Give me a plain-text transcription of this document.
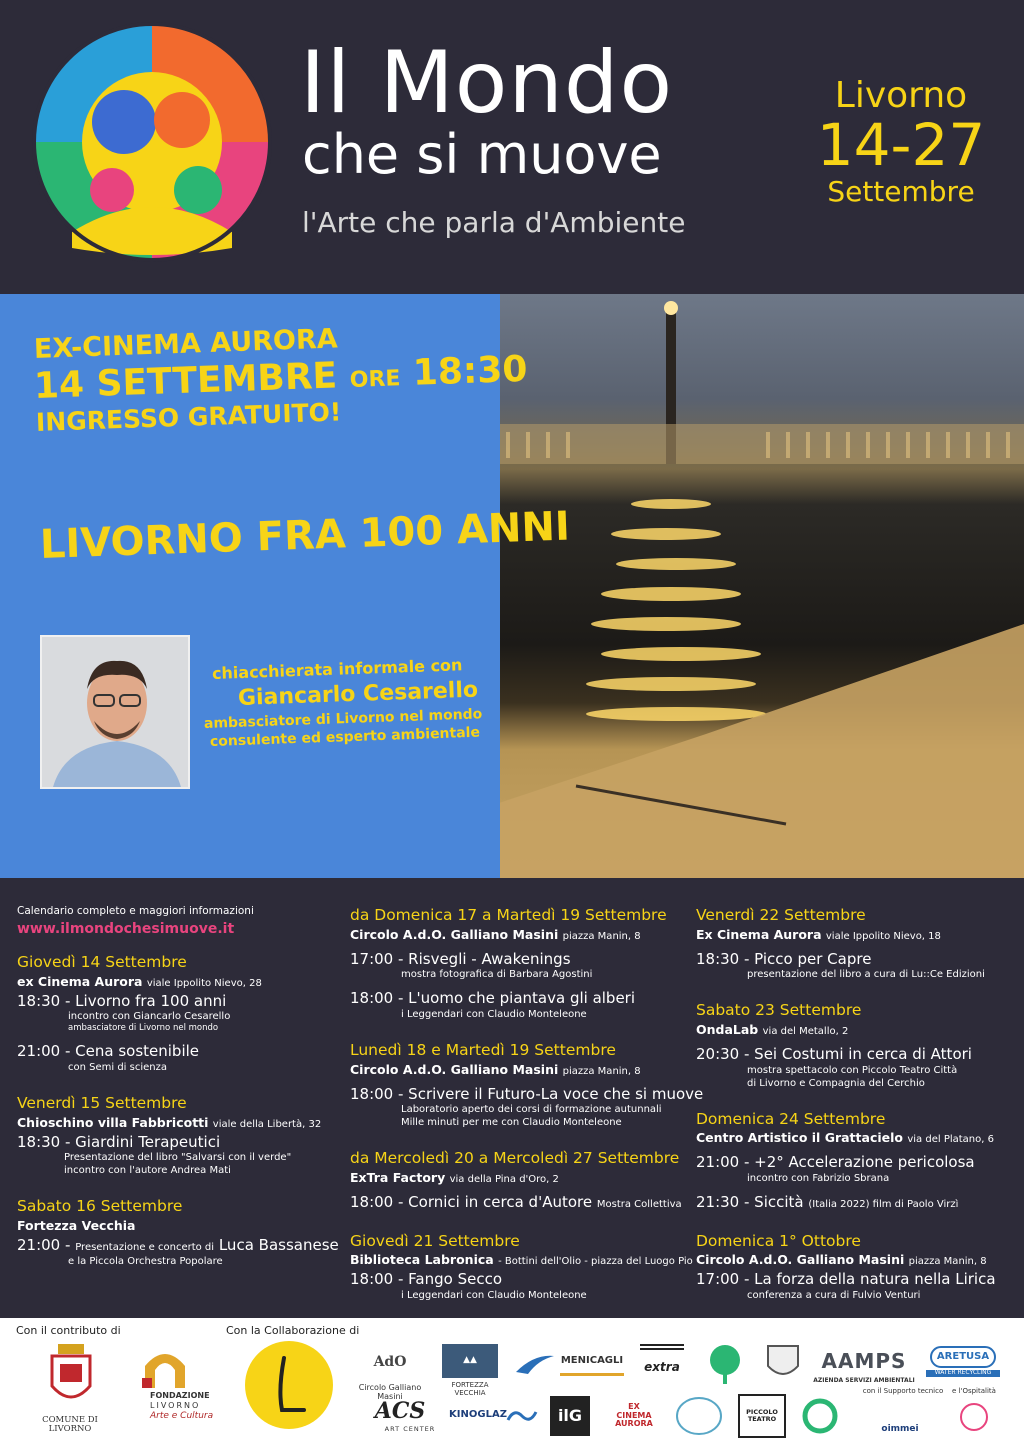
Il Mondo
che si muove
l'Arte che parla d'Ambiente
Livorno
14-27
Settembre
EX-CINEMA AURORA
14 SETTEMBRE ORE 18:30
INGRESSO GRATUITO!
LIVORNO FRA 100 ANNI
chiacchierata informale con
Giancarlo Cesarello
ambasciatore di Livorno nel mondo
consulente ed esperto ambientale
Calendario completo e maggiori informazioni
www.ilmondochesimuove.it
Giovedì 14 Settembre
ex Cinema Aurora viale Ippolito Nievo, 28
18:30 - Livorno fra 100 anni
incontro con Giancarlo Cesarello
ambasciatore di Livorno nel mondo
21:00 - Cena sostenibile
con Semi di scienza
Venerdì 15 Settembre
Chioschino villa Fabbricotti viale della Libertà, 32
18:30 - Giardini Terapeutici
Presentazione del libro "Salvarsi con il verde"
incontro con l'autore Andrea Mati
Sabato 16 Settembre
Fortezza Vecchia
21:00 - Presentazione e concerto di Luca Bassanese
e la Piccola Orchestra Popolare
da Domenica 17 a Martedì 19 Settembre
Circolo A.d.O. Galliano Masini piazza Manin, 8
17:00 - Risvegli - Awakenings
mostra fotografica di Barbara Agostini
18:00 - L'uomo che piantava gli alberi
i Leggendari con Claudio Monteleone
Lunedì 18 e Martedì 19 Settembre
Circolo A.d.O. Galliano Masini piazza Manin, 8
18:00 - Scrivere il Futuro-La voce che si muove
Laboratorio aperto dei corsi di formazione autunnali
Mille minuti per me con Claudio Monteleone
da Mercoledì 20 a Mercoledì 27 Settembre
ExTra Factory via della Pina d'Oro, 2
18:00 - Cornici in cerca d'Autore Mostra Collettiva
Giovedì 21 Settembre
Biblioteca Labronica - Bottini dell'Olio - piazza del Luogo Pio
18:00 - Fango Secco
i Leggendari con Claudio Monteleone
Venerdì 22 Settembre
Ex Cinema Aurora viale Ippolito Nievo, 18
18:30 - Picco per Capre
presentazione del libro a cura di Lu::Ce Edizioni
Sabato 23 Settembre
OndaLab via del Metallo, 2
20:30 - Sei Costumi in cerca di Attori
mostra spettacolo con Piccolo Teatro Città
di Livorno e Compagnia del Cerchio
Domenica 24 Settembre
Centro Artistico il Grattacielo via del Platano, 6
21:00 - +2° Accelerazione pericolosa
incontro con Fabrizio Sbrana
21:30 - Siccità (Italia 2022) film di Paolo Virzì
Domenica 1° Ottobre
Circolo A.d.O. Galliano Masini piazza Manin, 8
17:00 - La forza della natura nella Lirica
conferenza a cura di Fulvio Venturi
Con il contributo di	Con la Collaborazione di
COMUNE DI LIVORNO
FONDAZIONE
LIVORNO
Arte e Cultura
AdO
Circolo Galliano Masini
▲▲
FORTEZZA VECCHIA
MENICAGLI	extra	AAMPS
AZIENDA SERVIZI AMBIENTALI
ARETUSA
WATER RECYCLING
con il Supporto tecnico	e l'Ospitalità
ACS
ART CENTER
KINOGLAZ	ilG	EX CINEMA AURORA
PICCOLO TEATRO
oimmei
